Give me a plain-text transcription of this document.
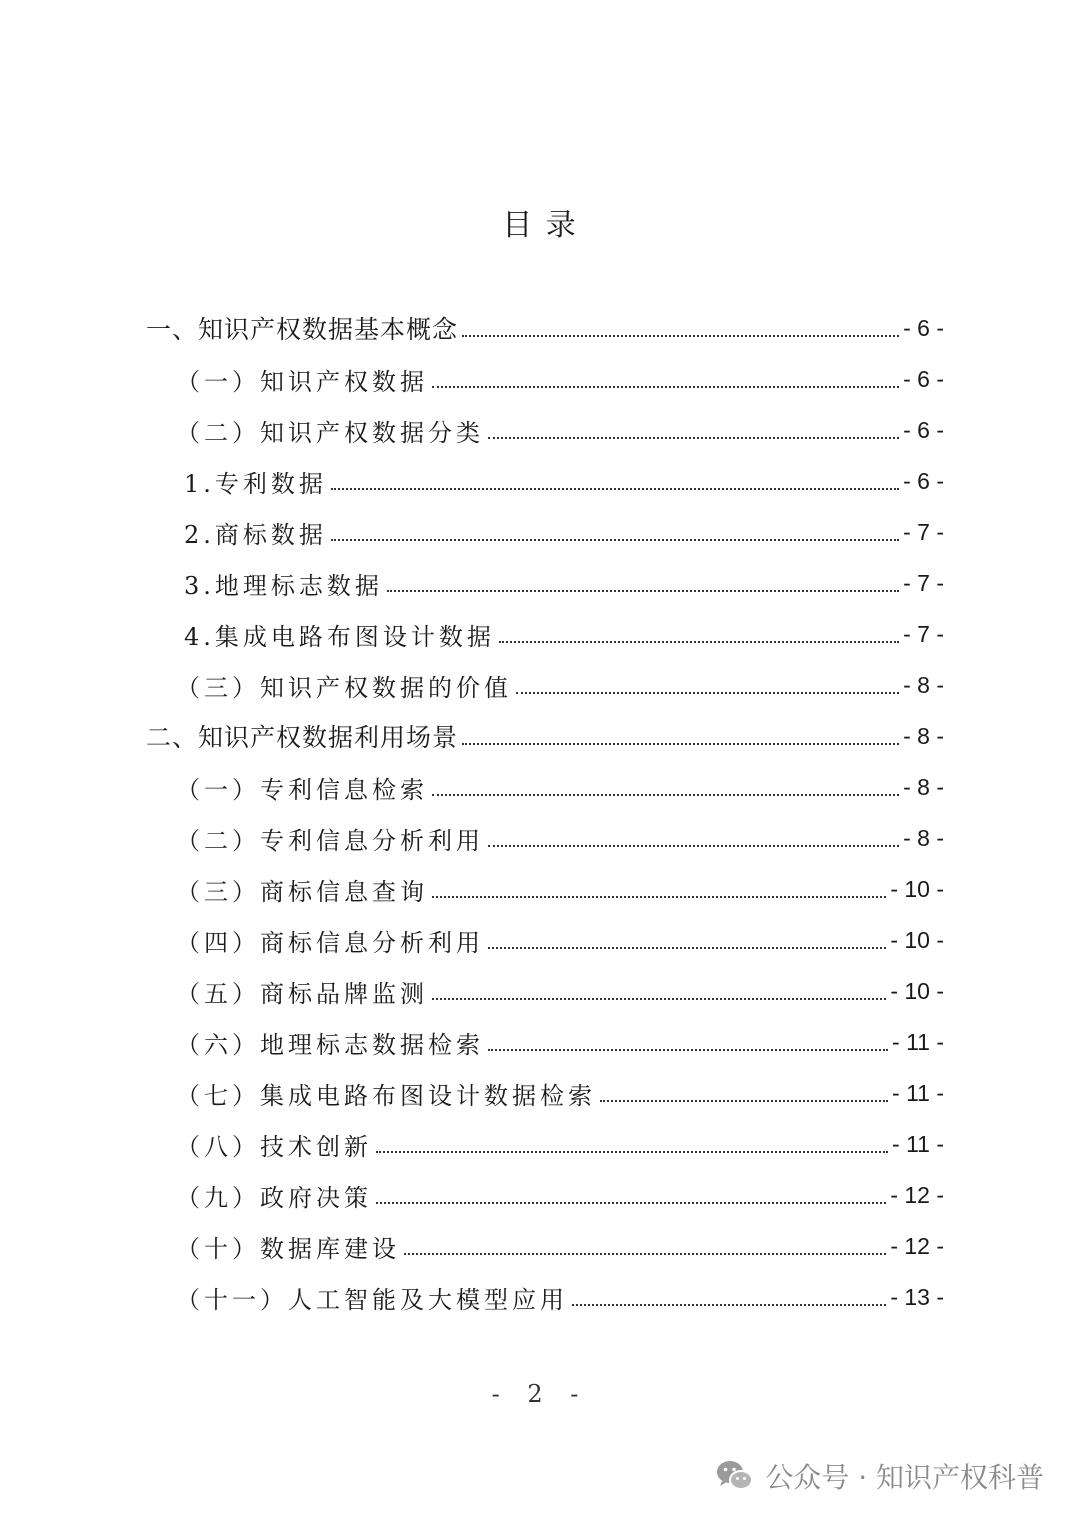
目 录
一、知识产权数据基本概念	- 6 -
（一）知识产权数据	- 6 -
（二）知识产权数据分类	- 6 -
1.专利数据	- 6 -
2.商标数据	- 7 -
3.地理标志数据	- 7 -
4.集成电路布图设计数据	- 7 -
（三）知识产权数据的价值	- 8 -
二、知识产权数据利用场景	- 8 -
（一）专利信息检索	- 8 -
（二）专利信息分析利用	- 8 -
（三）商标信息查询	- 10 -
（四）商标信息分析利用	- 10 -
（五）商标品牌监测	- 10 -
（六）地理标志数据检索	- 11 -
（七）集成电路布图设计数据检索	- 11 -
（八）技术创新	- 11 -
（九）政府决策	- 12 -
（十）数据库建设	- 12 -
（十一）人工智能及大模型应用	- 13 -
- 2 -
公众号 · 知识产权科普
